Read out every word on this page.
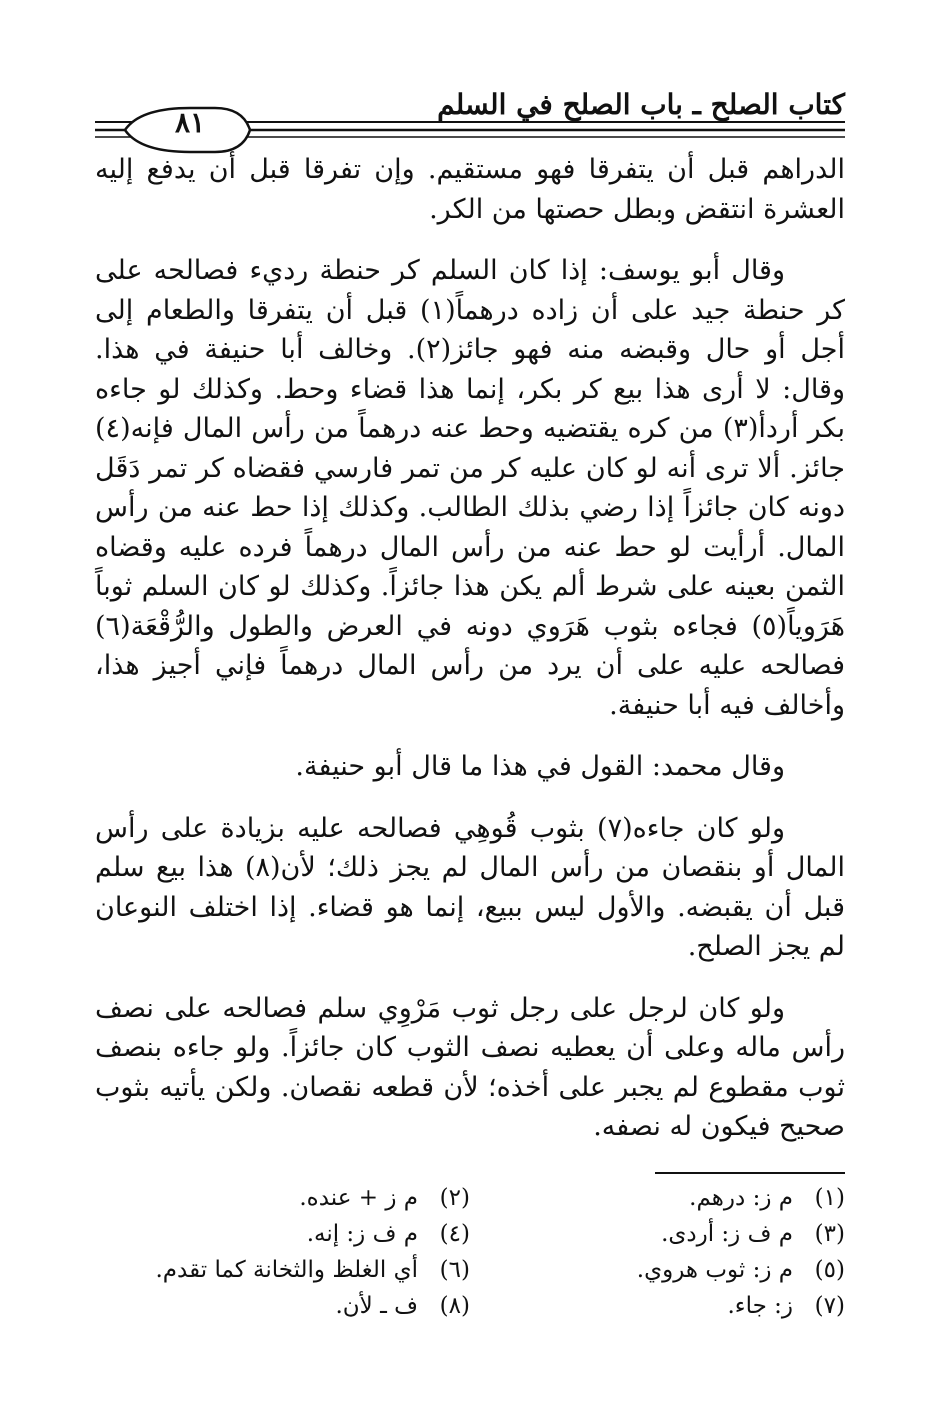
كتاب الصلح ـ باب الصلح في السلم
٨١

الدراهم قبل أن يتفرقا فهو مستقيم. وإن تفرقا قبل أن يدفع إليه العشرة انتقض وبطل حصتها من الكر.

وقال أبو يوسف: إذا كان السلم كر حنطة رديء فصالحه على كر حنطة جيد على أن زاده درهماً(١) قبل أن يتفرقا والطعام إلى أجل أو حال وقبضه منه فهو جائز(٢). وخالف أبا حنيفة في هذا. وقال: لا أرى هذا بيع كر بكر، إنما هذا قضاء وحط. وكذلك لو جاءه بكر أردأ(٣) من كره يقتضيه وحط عنه درهماً من رأس المال فإنه(٤) جائز. ألا ترى أنه لو كان عليه كر من تمر فارسي فقضاه كر تمر دَقَل دونه كان جائزاً إذا رضي بذلك الطالب. وكذلك إذا حط عنه من رأس المال. أرأيت لو حط عنه من رأس المال درهماً فرده عليه وقضاه الثمن بعينه على شرط ألم يكن هذا جائزاً. وكذلك لو كان السلم ثوباً هَرَوياً(٥) فجاءه بثوب هَرَوي دونه في العرض والطول والرُّقْعَة(٦) فصالحه عليه على أن يرد من رأس المال درهماً فإني أجيز هذا، وأخالف فيه أبا حنيفة.

وقال محمد: القول في هذا ما قال أبو حنيفة.

ولو كان جاءه(٧) بثوب قُوهِي فصالحه عليه بزيادة على رأس المال أو بنقصان من رأس المال لم يجز ذلك؛ لأن(٨) هذا بيع سلم قبل أن يقبضه. والأول ليس ببيع، إنما هو قضاء. إذا اختلف النوعان لم يجز الصلح.

ولو كان لرجل على رجل ثوب مَرْوِي سلم فصالحه على نصف رأس ماله وعلى أن يعطيه نصف الثوب كان جائزاً. ولو جاءه بنصف ثوب مقطوع لم يجبر على أخذه؛ لأن قطعه نقصان. ولكن يأتيه بثوب صحيح فيكون له نصفه.

(١)م ز: درهم.
(٢)م ز + عنده.
(٣)م ف ز: أردى.
(٤)م ف ز: إنه.
(٥)م ز: ثوب هروي.
(٦)أي الغلظ والثخانة كما تقدم.
(٧)ز: جاء.
(٨)ف ـ لأن.
